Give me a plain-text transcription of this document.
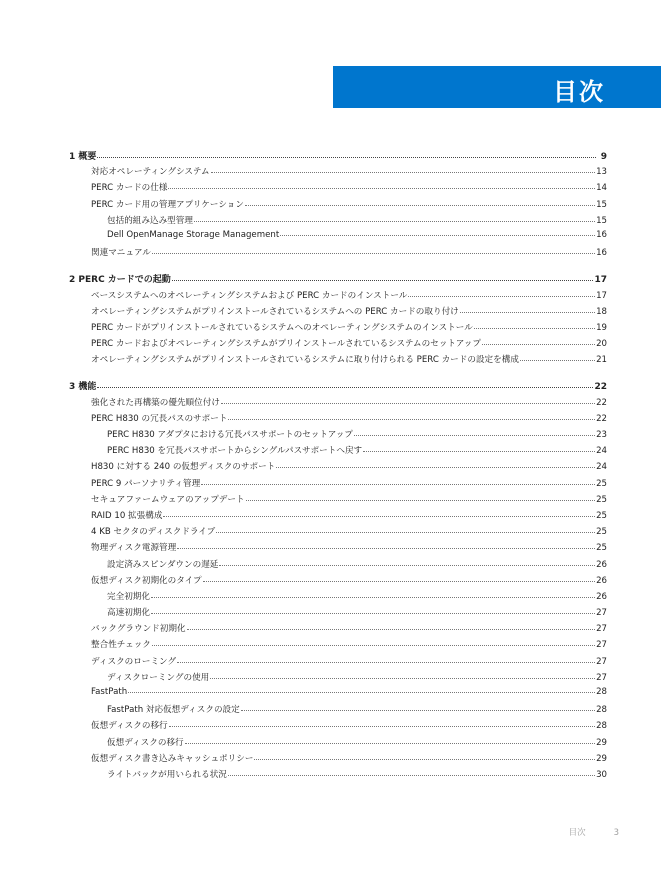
目次
1 概要	9
対応オペレーティングシステム	13
PERC カードの仕様	14
PERC カード用の管理アプリケーション	15
包括的組み込み型管理	15
Dell OpenManage Storage Management	16
関連マニュアル	16
2 PERC カードでの起動	17
ベースシステムへのオペレーティングシステムおよび PERC カードのインストール	17
オペレーティングシステムがプリインストールされているシステムへの PERC カードの取り付け	18
PERC カードがプリインストールされているシステムへのオペレーティングシステムのインストール	19
PERC カードおよびオペレーティングシステムがプリインストールされているシステムのセットアップ	20
オペレーティングシステムがプリインストールされているシステムに取り付けられる PERC カードの設定を構成	21
3 機能	22
強化された再構築の優先順位付け	22
PERC H830 の冗長パスのサポート	22
PERC H830 アダプタにおける冗長パスサポートのセットアップ	23
PERC H830 を冗長パスサポートからシングルパスサポートへ戻す	24
H830 に対する 240 の仮想ディスクのサポート	24
PERC 9 パーソナリティ管理	25
セキュアファームウェアのアップデート	25
RAID 10 拡張構成	25
4 KB セクタのディスクドライブ	25
物理ディスク電源管理	25
設定済みスピンダウンの遅延	26
仮想ディスク初期化のタイプ	26
完全初期化	26
高速初期化	27
バックグラウンド初期化	27
整合性チェック	27
ディスクのローミング	27
ディスクローミングの使用	27
FastPath	28
FastPath 対応仮想ディスクの設定	28
仮想ディスクの移行	28
仮想ディスクの移行	29
仮想ディスク書き込みキャッシュポリシー	29
ライトバックが用いられる状況	30
目次	3
